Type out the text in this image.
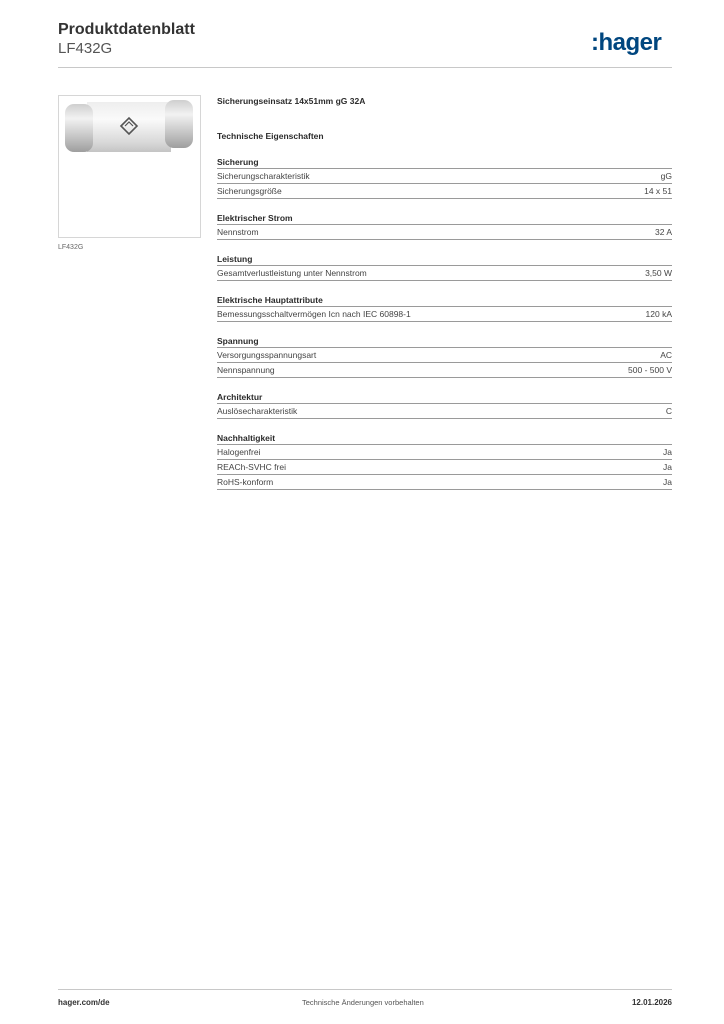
Produktdatenblatt
LF432G	:hager
LF432G
Sicherungseinsatz 14x51mm gG 32A
Technische Eigenschaften
Sicherung
Sicherungscharakteristik	gG
Sicherungsgröße	14 x 51
Elektrischer Strom
Nennstrom	32 A
Leistung
Gesamtverlustleistung unter Nennstrom	3,50 W
Elektrische Hauptattribute
Bemessungsschaltvermögen Icn nach IEC 60898-1	120 kA
Spannung
Versorgungsspannungsart	AC
Nennspannung	500 - 500 V
Architektur
Auslösecharakteristik	C
Nachhaltigkeit
Halogenfrei	Ja
REACh-SVHC frei	Ja
RoHS-konform	Ja
hager.com/de	Technische Änderungen vorbehalten	12.01.2026
